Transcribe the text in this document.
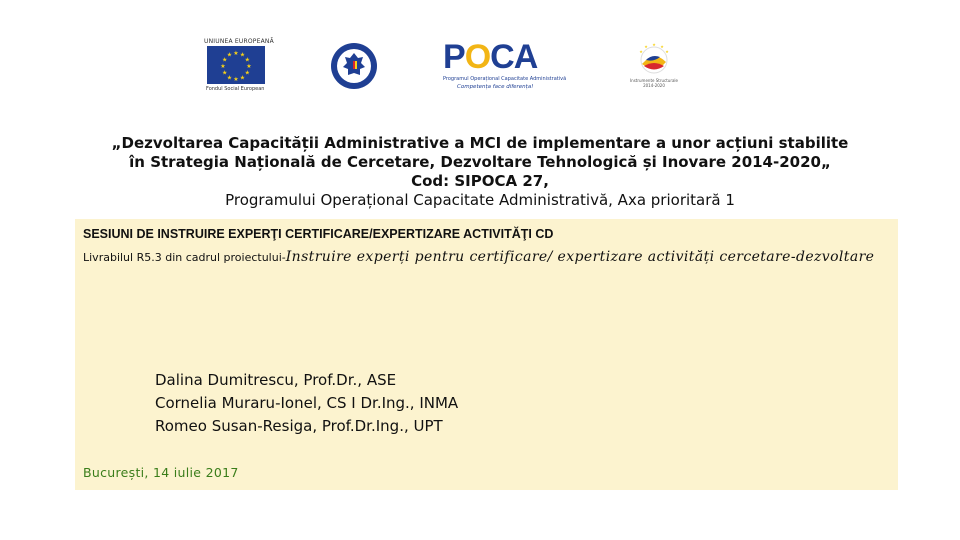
UNIUNEA EUROPEANĂ
★ ★
★
★
★
★
★
★
★
★
★
★
Fondul Social European
POCA
Programul Operațional Capacitate Administrativă
Competența face diferența!
★ ★
★
★
★
Instrumente Structurale
2014-2020
„Dezvoltarea Capacității Administrative a MCI de implementare a unor acțiuni stabilite
în Strategia Națională de Cercetare, Dezvoltare Tehnologică și Inovare 2014-2020„
Cod: SIPOCA 27,
Programului Operațional Capacitate Administrativă, Axa prioritară 1
SESIUNI DE INSTRUIRE EXPERŢI CERTIFICARE/EXPERTIZARE ACTIVITĂŢI CD
Livrabilul R5.3 din cadrul proiectului-Instruire experți pentru certificare/ expertizare activități cercetare-dezvoltare
Dalina Dumitrescu, Prof.Dr., ASE
Cornelia Muraru-Ionel, CS I Dr.Ing., INMA
Romeo Susan-Resiga, Prof.Dr.Ing., UPT
București, 14 iulie 2017
